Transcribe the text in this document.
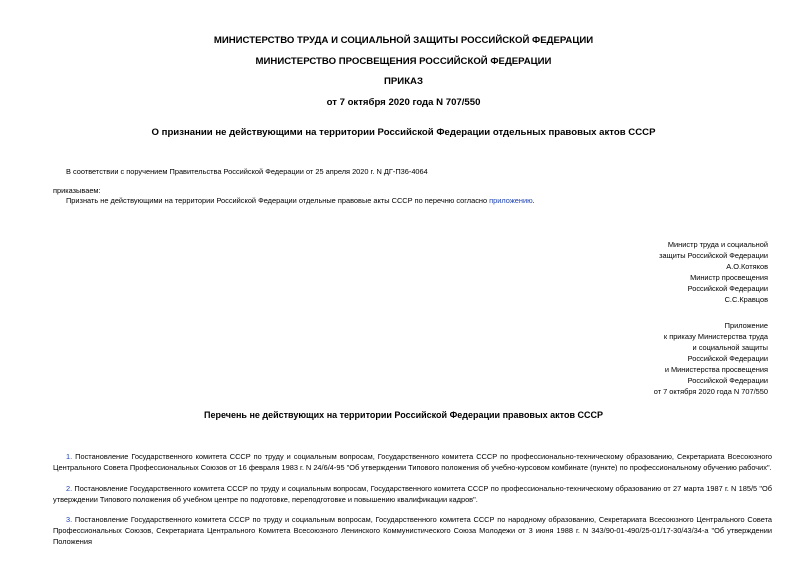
МИНИСТЕРСТВО ТРУДА И СОЦИАЛЬНОЙ ЗАЩИТЫ РОССИЙСКОЙ ФЕДЕРАЦИИ
МИНИСТЕРСТВО ПРОСВЕЩЕНИЯ РОССИЙСКОЙ ФЕДЕРАЦИИ
ПРИКАЗ
от 7 октября 2020 года N 707/550
О признании не действующими на территории Российской Федерации отдельных правовых актов СССР
В соответствии с поручением Правительства Российской Федерации от 25 апреля 2020 г. N ДГ-П36-4064
приказываем:
Признать не действующими на территории Российской Федерации отдельные правовые акты СССР по перечню согласно приложению.
Министр труда и социальной
защиты Российской Федерации
А.О.Котяков
Министр просвещения
Российской Федерации
С.С.Кравцов
Приложение
к приказу Министерства труда
и социальной защиты
Российской Федерации
и Министерства просвещения
Российской Федерации
от 7 октября 2020 года N 707/550
Перечень не действующих на территории Российской Федерации правовых актов СССР
1. Постановление Государственного комитета СССР по труду и социальным вопросам, Государственного комитета СССР по профессионально-техническому образованию, Секретариата Всесоюзного Центрального Совета Профессиональных Союзов от 16 февраля 1983 г. N 24/6/4-95 "Об утверждении Типового положения об учебно-курсовом комбинате (пункте) по профессиональному обучению рабочих".
2. Постановление Государственного комитета СССР по труду и социальным вопросам, Государственного комитета СССР по профессионально-техническому образованию от 27 марта 1987 г. N 185/5 "Об утверждении Типового положения об учебном центре по подготовке, переподготовке и повышению квалификации кадров".
3. Постановление Государственного комитета СССР по труду и социальным вопросам, Государственного комитета СССР по народному образованию, Секретариата Всесоюзного Центрального Совета Профессиональных Союзов, Секретариата Центрального Комитета Всесоюзного Ленинского Коммунистического Союза Молодежи от 3 июня 1988 г. N 343/90-01-490/25-01/17-30/43/34-а "Об утверждении Положения
